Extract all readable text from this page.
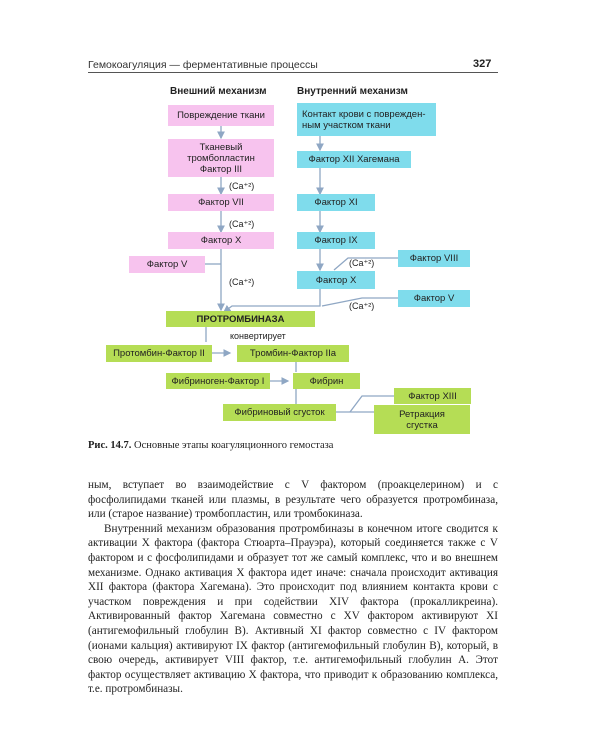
Гемокоагуляция — ферментативные процессы	327
Внешний механизм	Внутренний механизм
Повреждение ткани
Тканевый
тромбопластин
Фактор III
Фактор VII
Фактор X
Фактор V
Контакт крови с поврежден-
ным участком ткани
Фактор XII Хагемана
Фактор XI
Фактор IX
Фактор VIII
Фактор X
Фактор V
(Ca⁺²)
(Ca⁺²)
(Ca⁺²)
(Ca⁺²)
(Ca⁺²)
ПРОТРОМБИНАЗА
конвертирует
Протомбин-Фактор II	Тромбин-Фактор IIa
Фибриноген-Фактор I	Фибрин
Фактор XIII
Фибриновый сгусток	Ретракция
сгустка
Рис. 14.7. Основные этапы коагуляционного гемостаза

ным, вступает во взаимодействие с V фактором (проакцелерином) и с фосфолипидами тканей или плазмы, в результате чего образуется протромбиназа, или (старое название) тромбопластин, или тромбокиназа.

Внутренний механизм образования протромбиназы в конечном итоге сводится к активации X фактора (фактора Стюарта–Прауэра), который соединяется также с V фактором и с фосфолипидами и образует тот же самый комплекс, что и во внешнем механизме. Однако активация X фактора идет иначе: сначала происходит активация XII фактора (фактора Хагемана). Это происходит под влиянием контакта крови с участком повреждения и при содействии XIV фактора (прокалликреина). Активированный фактор Хагемана совместно с XV фактором активируют XI (антигемофильный глобулин В). Активный XI фактор совместно с IV фактором (ионами кальция) активируют IX фактор (антигемофильный глобулин В), который, в свою очередь, активирует VIII фактор, т.е. антигемофильный глобулин А. Этот фактор осуществляет активацию X фактора, что приводит к образованию комплекса, т.е. протромбиназы.
